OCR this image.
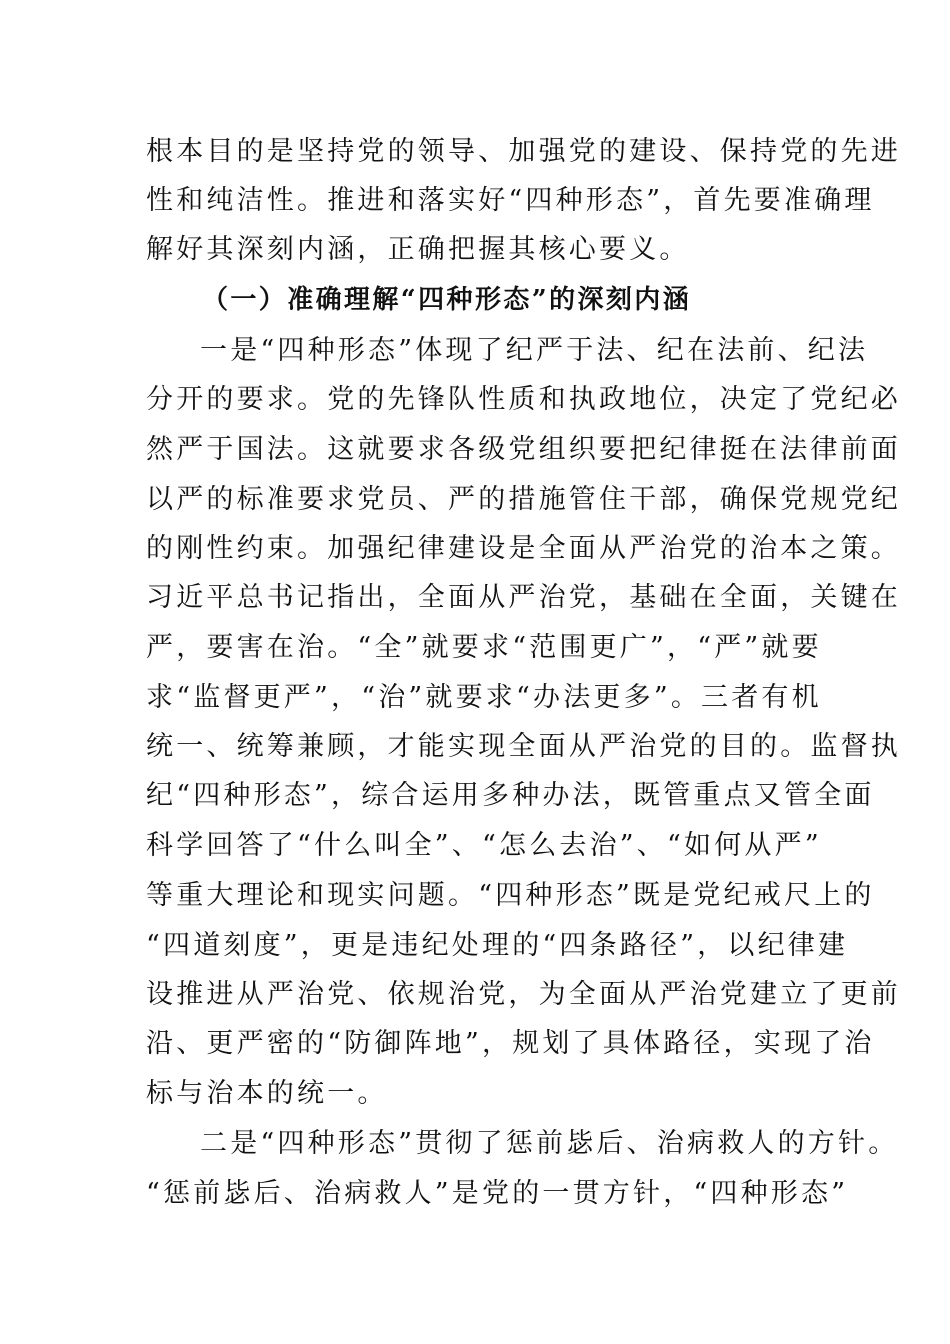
根本目的是坚持党的领导、加强党的建设、保持党的先进
性和纯洁性。推进和落实好“四种形态”，首先要准确理
解好其深刻内涵，正确把握其核心要义。
（一）准确理解“四种形态”的深刻内涵
一是“四种形态”体现了纪严于法、纪在法前、纪法
分开的要求。党的先锋队性质和执政地位，决定了党纪必
然严于国法。这就要求各级党组织要把纪律挺在法律前面
以严的标准要求党员、严的措施管住干部，确保党规党纪
的刚性约束。加强纪律建设是全面从严治党的治本之策。
习近平总书记指出，全面从严治党，基础在全面，关键在
严，要害在治。“全”就要求“范围更广”，“严”就要
求“监督更严”，“治”就要求“办法更多”。三者有机
统一、统筹兼顾，才能实现全面从严治党的目的。监督执
纪“四种形态”，综合运用多种办法，既管重点又管全面
科学回答了“什么叫全”、“怎么去治”、“如何从严”
等重大理论和现实问题。“四种形态”既是党纪戒尺上的
“四道刻度”，更是违纪处理的“四条路径”，以纪律建
设推进从严治党、依规治党，为全面从严治党建立了更前
沿、更严密的“防御阵地”，规划了具体路径，实现了治
标与治本的统一。
二是“四种形态”贯彻了惩前毖后、治病救人的方针。
“惩前毖后、治病救人”是党的一贯方针，“四种形态”
